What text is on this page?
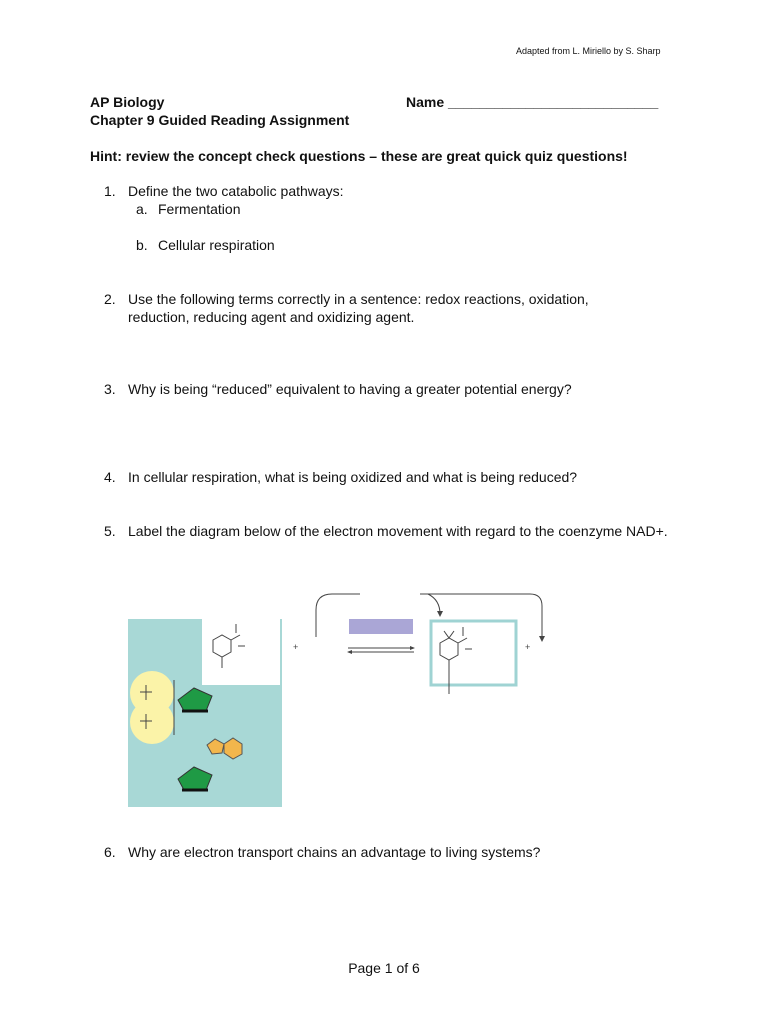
Adapted from L. Miriello by S. Sharp
AP Biology	Name ___________________________
Chapter 9 Guided Reading Assignment
Hint: review the concept check questions – these are great quick quiz questions!
1. Define the two catabolic pathways:
a. Fermentation
b. Cellular respiration
2. Use the following terms correctly in a sentence: redox reactions, oxidation, reduction, reducing agent and oxidizing agent.
3. Why is being “reduced” equivalent to having a greater potential energy?
4. In cellular respiration, what is being oxidized and what is being reduced?
5. Label the diagram below of the electron movement with regard to the coenzyme NAD+.
+	+
6. Why are electron transport chains an advantage to living systems?
Page 1 of 6
